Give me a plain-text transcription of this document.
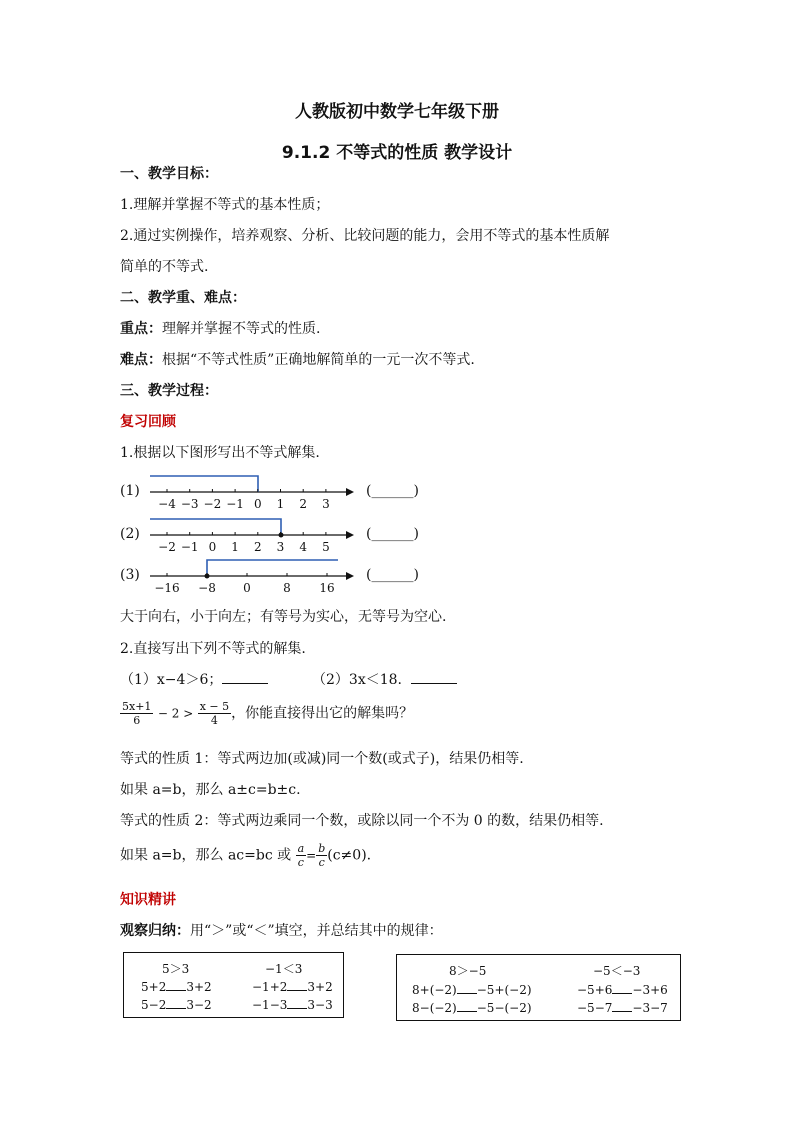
人教版初中数学七年级下册
9.1.2 不等式的性质 教学设计
一、教学目标：
1.理解并掌握不等式的基本性质；
2.通过实例操作，培养观察、分析、比较问题的能力，会用不等式的基本性质解
简单的不等式.
二、教学重、难点：
重点：理解并掌握不等式的性质.
难点：根据“不等式性质”正确地解简单的一元一次不等式.
三、教学过程：
复习回顾
1.根据以下图形写出不等式解集.
(1)
−4 −3 −2 −1 0 1 2 3
(______)
(2)
−2 −1 0 1 2 3 4 5
(______)
(3)
−16 −8 0	8 16
(______)
大于向右，小于向左；有等号为实心，无等号为空心.
2.直接写出下列不等式的解集.
（1）x−4＞6；	（2）3x＜18.
$\frac{5x+1}{6} - 2 > \frac{x - 5}{4}$ ，你能直接得出它的解集吗？
等式的性质 1：等式两边加(或减)同一个数(或式子)，结果仍相等.
如果 a=b，那么 a±c=b±c.
等式的性质 2：等式两边乘同一个数，或除以同一个不为 0 的数，结果仍相等.
如果 a=b，那么 ac=bc 或 $\frac{a}{c} = \frac{b}{c} (c\ne 0)$.
知识精讲
观察归纳：用“＞”或“＜”填空，并总结其中的规律：
5＞3	−1＜3
5+2 3+2	−1+2 3+2
5−2 3−2	−1−3 3−3
8＞−5	−5＜−3
8+(−2) −5+(−2)	−5+6 −3+6
8−(−2) −5−(−2)	−5−7 −3−7
